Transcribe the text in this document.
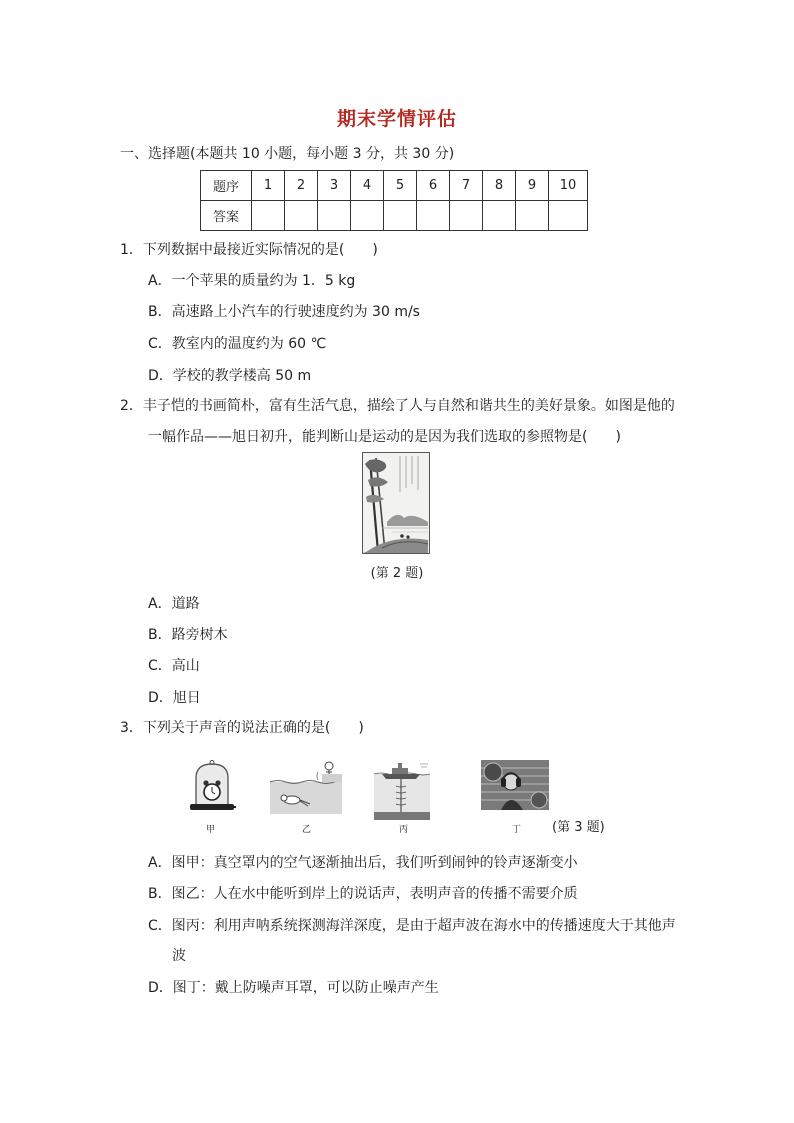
期末学情评估
一、选择题(本题共 10 小题，每小题 3 分，共 30 分)
题序	1	2	3	4	5	6	7	8	9	10
答案										
1．下列数据中最接近实际情况的是(　　)
A．一个苹果的质量约为 1．5 kg
B．高速路上小汽车的行驶速度约为 30 m/s
C．教室内的温度约为 60 ℃
D．学校的教学楼高 50 m
2．丰子恺的书画简朴，富有生活气息，描绘了人与自然和谐共生的美好景象。如图是他的
一幅作品——旭日初升，能判断山是运动的是因为我们选取的参照物是(　　)
(第 2 题)
A．道路
B．路旁树木
C．高山
D．旭日
3．下列关于声音的说法正确的是(　　)
甲	乙	丙	丁 (第 3 题)
A．图甲：真空罩内的空气逐渐抽出后，我们听到闹钟的铃声逐渐变小
B．图乙：人在水中能听到岸上的说话声，表明声音的传播不需要介质
C．图丙：利用声呐系统探测海洋深度，是由于超声波在海水中的传播速度大于其他声
波
D．图丁：戴上防噪声耳罩，可以防止噪声产生
